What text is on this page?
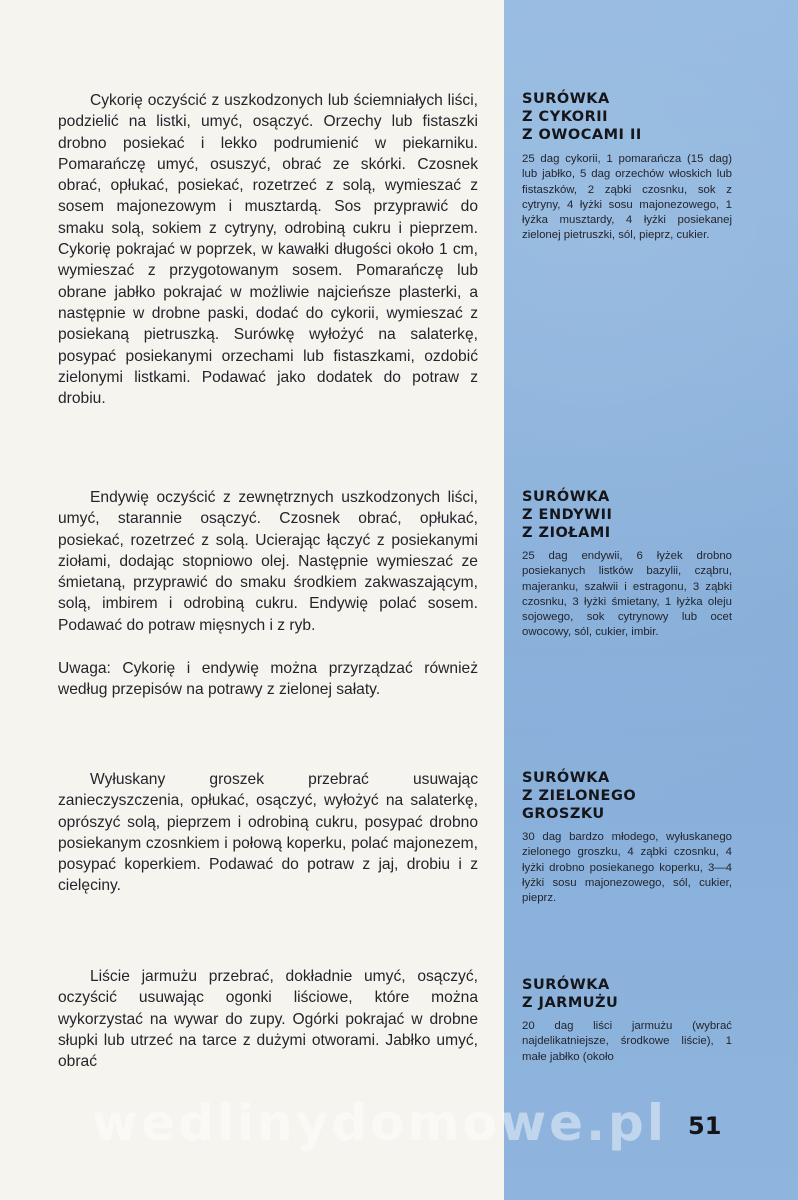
Cykorię oczyścić z uszkodzonych lub ściemniałych liści, podzielić na listki, umyć, osączyć. Orzechy lub fistaszki drobno posiekać i lekko podrumienić w piekarniku. Pomarańczę umyć, osuszyć, obrać ze skórki. Czosnek obrać, opłukać, posiekać, rozetrzeć z solą, wymieszać z sosem majonezowym i musztardą. Sos przyprawić do smaku solą, sokiem z cytryny, odrobiną cukru i pieprzem. Cykorię pokrajać w poprzek, w kawałki długości około 1 cm, wymieszać z przygotowanym sosem. Pomarańczę lub obrane jabłko pokrajać w możliwie najcieńsze plasterki, a następnie w drobne paski, dodać do cykorii, wymieszać z posiekaną pietruszką. Surówkę wyłożyć na salaterkę, posypać posiekanymi orzechami lub fistaszkami, ozdobić zielonymi listkami. Podawać jako dodatek do potraw z drobiu.

SURÓWKA
Z CYKORII
Z OWOCAMI II

25 dag cykorii, 1 pomarańcza (15 dag) lub jabłko, 5 dag orzechów włoskich lub fistaszków, 2 ząbki czosnku, sok z cytryny, 4 łyżki sosu majonezowego, 1 łyżka musztardy, 4 łyżki posiekanej zielonej pietruszki, sól, pieprz, cukier.

Endywię oczyścić z zewnętrznych uszkodzonych liści, umyć, starannie osączyć. Czosnek obrać, opłukać, posiekać, rozetrzeć z solą. Ucierając łączyć z posiekanymi ziołami, dodając stopniowo olej. Następnie wymieszać ze śmietaną, przyprawić do smaku środkiem zakwaszającym, solą, imbirem i odrobiną cukru. Endywię polać sosem. Podawać do potraw mięsnych i z ryb.

Uwaga: Cykorię i endywię można przyrządzać również według przepisów na potrawy z zielonej sałaty.

SURÓWKA
Z ENDYWII
Z ZIOŁAMI

25 dag endywii, 6 łyżek drobno posiekanych listków bazylii, cząbru, majeranku, szałwii i estragonu, 3 ząbki czosnku, 3 łyżki śmietany, 1 łyżka oleju sojowego, sok cytrynowy lub ocet owocowy, sól, cukier, imbir.

Wyłuskany groszek przebrać usuwając zanieczyszczenia, opłukać, osączyć, wyłożyć na salaterkę, oprószyć solą, pieprzem i odrobiną cukru, posypać drobno posiekanym czosnkiem i połową koperku, polać majonezem, posypać koperkiem. Podawać do potraw z jaj, drobiu i z cielęciny.

SURÓWKA
Z ZIELONEGO
GROSZKU

30 dag bardzo młodego, wyłuskanego zielonego groszku, 4 ząbki czosnku, 4 łyżki drobno posiekanego koperku, 3—4 łyżki sosu majonezowego, sól, cukier, pieprz.

Liście jarmużu przebrać, dokładnie umyć, osączyć, oczyścić usuwając ogonki liściowe, które można wykorzystać na wywar do zupy. Ogórki pokrajać w drobne słupki lub utrzeć na tarce z dużymi otworami. Jabłko umyć, obrać

SURÓWKA
Z JARMUŻU

20 dag liści jarmużu (wybrać najdelikatniejsze, środkowe liście), 1 małe jabłko (około

wedlinydomowe.pl 51
